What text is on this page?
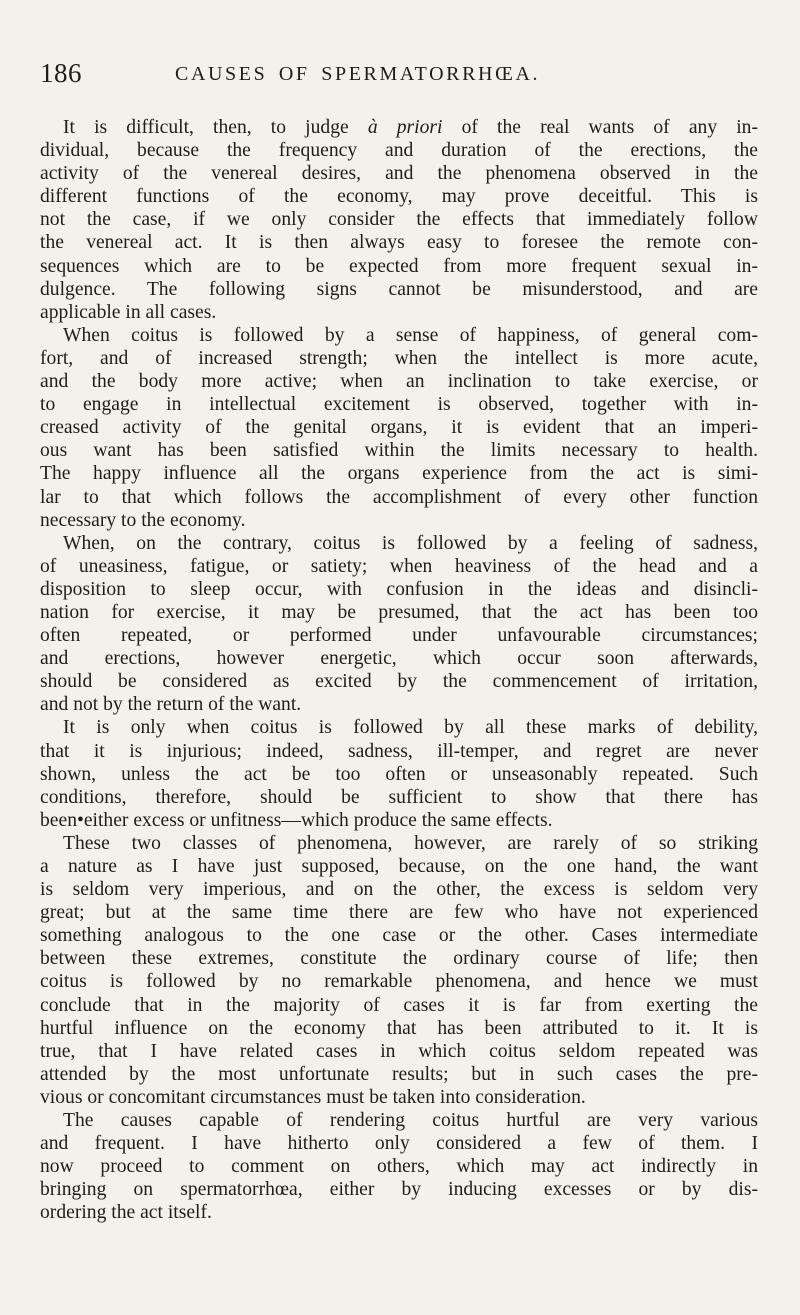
186	CAUSES OF SPERMATORRHŒA.
It is difficult, then, to judge à priori of the real wants of any in-
dividual, because the frequency and duration of the erections, the
activity of the venereal desires, and the phenomena observed in the
different functions of the economy, may prove deceitful. This is
not the case, if we only consider the effects that immediately follow
the venereal act. It is then always easy to foresee the remote con-
sequences which are to be expected from more frequent sexual in-
dulgence. The following signs cannot be misunderstood, and are
applicable in all cases.
When coitus is followed by a sense of happiness, of general com-
fort, and of increased strength; when the intellect is more acute,
and the body more active; when an inclination to take exercise, or
to engage in intellectual excitement is observed, together with in-
creased activity of the genital organs, it is evident that an imperi-
ous want has been satisfied within the limits necessary to health.
The happy influence all the organs experience from the act is simi-
lar to that which follows the accomplishment of every other function
necessary to the economy.
When, on the contrary, coitus is followed by a feeling of sadness,
of uneasiness, fatigue, or satiety; when heaviness of the head and a
disposition to sleep occur, with confusion in the ideas and disincli-
nation for exercise, it may be presumed, that the act has been too
often repeated, or performed under unfavourable circumstances;
and erections, however energetic, which occur soon afterwards,
should be considered as excited by the commencement of irritation,
and not by the return of the want.
It is only when coitus is followed by all these marks of debility,
that it is injurious; indeed, sadness, ill-temper, and regret are never
shown, unless the act be too often or unseasonably repeated. Such
conditions, therefore, should be sufficient to show that there has
been•either excess or unfitness—which produce the same effects.
These two classes of phenomena, however, are rarely of so striking
a nature as I have just supposed, because, on the one hand, the want
is seldom very imperious, and on the other, the excess is seldom very
great; but at the same time there are few who have not experienced
something analogous to the one case or the other. Cases intermediate
between these extremes, constitute the ordinary course of life; then
coitus is followed by no remarkable phenomena, and hence we must
conclude that in the majority of cases it is far from exerting the
hurtful influence on the economy that has been attributed to it. It is
true, that I have related cases in which coitus seldom repeated was
attended by the most unfortunate results; but in such cases the pre-
vious or concomitant circumstances must be taken into consideration.
The causes capable of rendering coitus hurtful are very various
and frequent. I have hitherto only considered a few of them. I
now proceed to comment on others, which may act indirectly in
bringing on spermatorrhœa, either by inducing excesses or by dis-
ordering the act itself.
